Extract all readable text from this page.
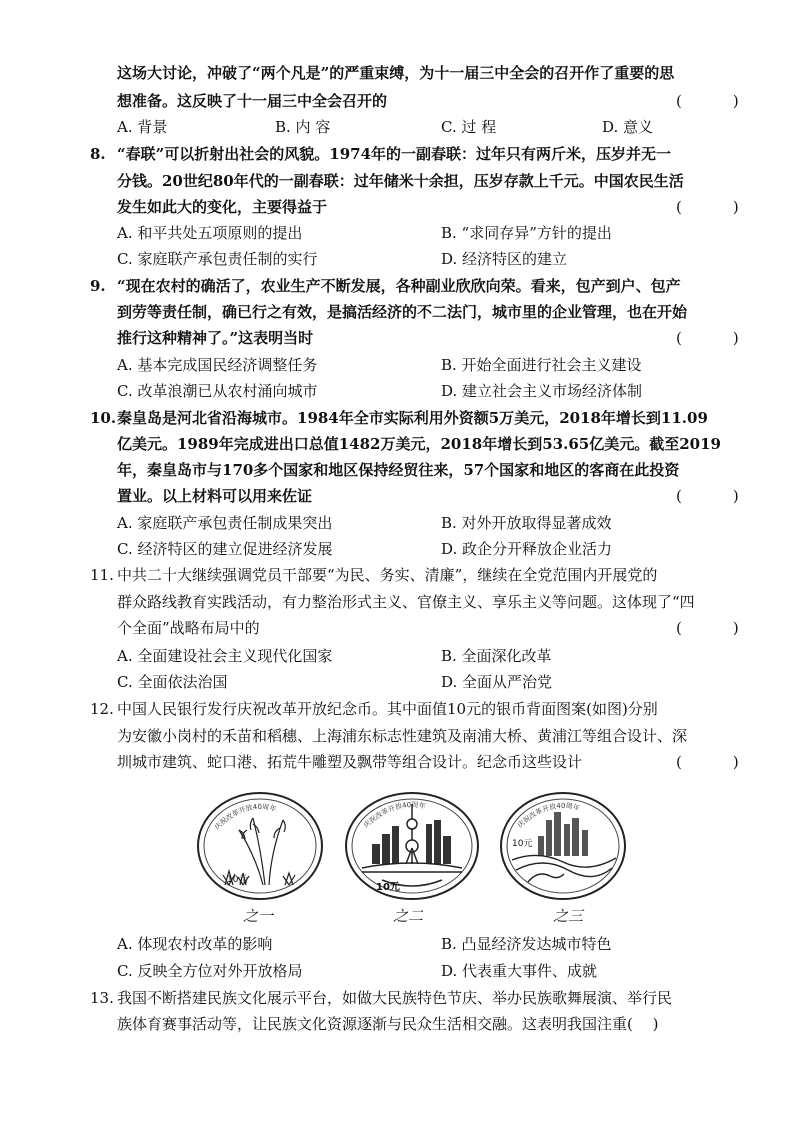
这场大讨论，冲破了“两个凡是”的严重束缚，为十一届三中全会的召开作了重要的思
想准备。这反映了十一届三中全会召开的	(　)
A. 背景	B. 内 容	C. 过 程	D. 意义
8. “春联”可以折射出社会的风貌。1974年的一副春联：过年只有两斤米，压岁并无一
分钱。20世纪80年代的一副春联：过年储米十余担，压岁存款上千元。中国农民生活
发生如此大的变化，主要得益于	(　)
A. 和平共处五项原则的提出	B. “求同存异”方针的提出
C. 家庭联产承包责任制的实行	D. 经济特区的建立
9. “现在农村的确活了，农业生产不断发展，各种副业欣欣向荣。看来，包产到户、包产
到劳等责任制，确已行之有效，是搞活经济的不二法门，城市里的企业管理，也在开始
推行这种精神了。”这表明当时	(　)
A. 基本完成国民经济调整任务	B. 开始全面进行社会主义建设
C. 改革浪潮已从农村涌向城市	D. 建立社会主义市场经济体制
10. 秦皇岛是河北省沿海城市。1984年全市实际利用外资额5万美元，2018年增长到11.09
亿美元。1989年完成进出口总值1482万美元，2018年增长到53.65亿美元。截至2019
年，秦皇岛市与170多个国家和地区保持经贸往来，57个国家和地区的客商在此投资
置业。以上材料可以用来佐证	(　)
A. 家庭联产承包责任制成果突出	B. 对外开放取得显著成效
C. 经济特区的建立促进经济发展	D. 政企分开释放企业活力
11. 中共二十大继续强调党员干部要“为民、务实、清廉”，继续在全党范围内开展党的
群众路线教育实践活动，有力整治形式主义、官僚主义、享乐主义等问题。这体现了“四
个全面”战略布局中的	(　)
A. 全面建设社会主义现代化国家	B. 全面深化改革
C. 全面依法治国	D. 全面从严治党
12. 中国人民银行发行庆祝改革开放纪念币。其中面值10元的银币背面图案(如图)分别
为安徽小岗村的禾苗和稻穗、上海浦东标志性建筑及南浦大桥、黄浦江等组合设计、深
圳城市建筑、蛇口港、拓荒牛雕塑及飘带等组合设计。纪念币这些设计	(　)
庆祝改革开放40周年
10元
庆祝改革开放40周年
10元
庆祝改革开放40周年
10元
之一	之二	之三
A. 体现农村改革的影响	B. 凸显经济发达城市特色
C. 反映全方位对外开放格局	D. 代表重大事件、成就
13. 我国不断搭建民族文化展示平台，如做大民族特色节庆、举办民族歌舞展演、举行民
族体育赛事活动等，让民族文化资源逐渐与民众生活相交融。这表明我国注重(　 )
